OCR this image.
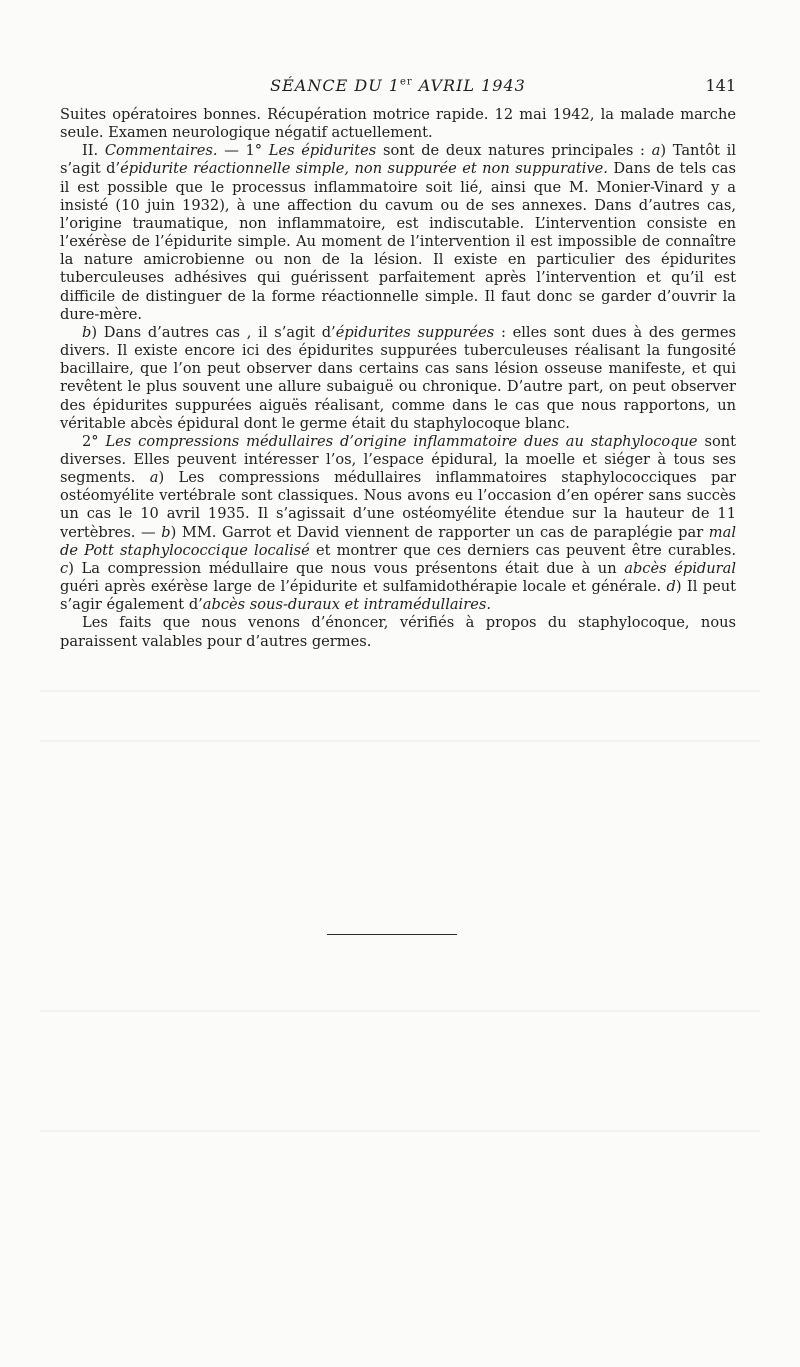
SÉANCE DU 1er AVRIL 1943	141

Suites opératoires bonnes. Récupération motrice rapide. 12 mai 1942, la malade marche seule. Examen neurologique négatif actuellement.

II. Commentaires. — 1° Les épidurites sont de deux natures principales : a) Tantôt il s’agit d’épidurite réactionnelle simple, non suppurée et non suppurative. Dans de tels cas il est possible que le processus inflammatoire soit lié, ainsi que M. Monier-Vinard y a insisté (10 juin 1932), à une affection du cavum ou de ses annexes. Dans d’autres cas, l’origine traumatique, non inflammatoire, est indiscutable. L’intervention consiste en l’exérèse de l’épidurite simple. Au moment de l’intervention il est impossible de connaître la nature amicrobienne ou non de la lésion. Il existe en particulier des épidurites tuberculeuses adhésives qui guérissent parfaitement après l’intervention et qu’il est difficile de distinguer de la forme réactionnelle simple. Il faut donc se garder d’ouvrir la dure-mère.

b) Dans d’autres cas , il s’agit d’épidurites suppurées : elles sont dues à des germes divers. Il existe encore ici des épidurites suppurées tuberculeuses réalisant la fungosité bacillaire, que l’on peut observer dans certains cas sans lésion osseuse manifeste, et qui revêtent le plus souvent une allure subaiguë ou chronique. D’autre part, on peut observer des épidurites suppurées aiguës réalisant, comme dans le cas que nous rapportons, un véritable abcès épidural dont le germe était du staphylocoque blanc.

2° Les compressions médullaires d’origine inflammatoire dues au staphylocoque sont diverses. Elles peuvent intéresser l’os, l’espace épidural, la moelle et siéger à tous ses segments. a) Les compressions médullaires inflammatoires staphylococciques par ostéomyélite vertébrale sont classiques. Nous avons eu l’occasion d’en opérer sans succès un cas le 10 avril 1935. Il s’agissait d’une ostéomyélite étendue sur la hauteur de 11 vertèbres. — b) MM. Garrot et David viennent de rapporter un cas de paraplégie par mal de Pott staphylococcique localisé et montrer que ces derniers cas peuvent être curables. c) La compression médullaire que nous vous présentons était due à un abcès épidural guéri après exérèse large de l’épidurite et sulfamidothérapie locale et générale. d) Il peut s’agir également d’abcès sous-duraux et intramédullaires.

Les faits que nous venons d’énoncer, vérifiés à propos du staphylocoque, nous paraissent valables pour d’autres germes.
